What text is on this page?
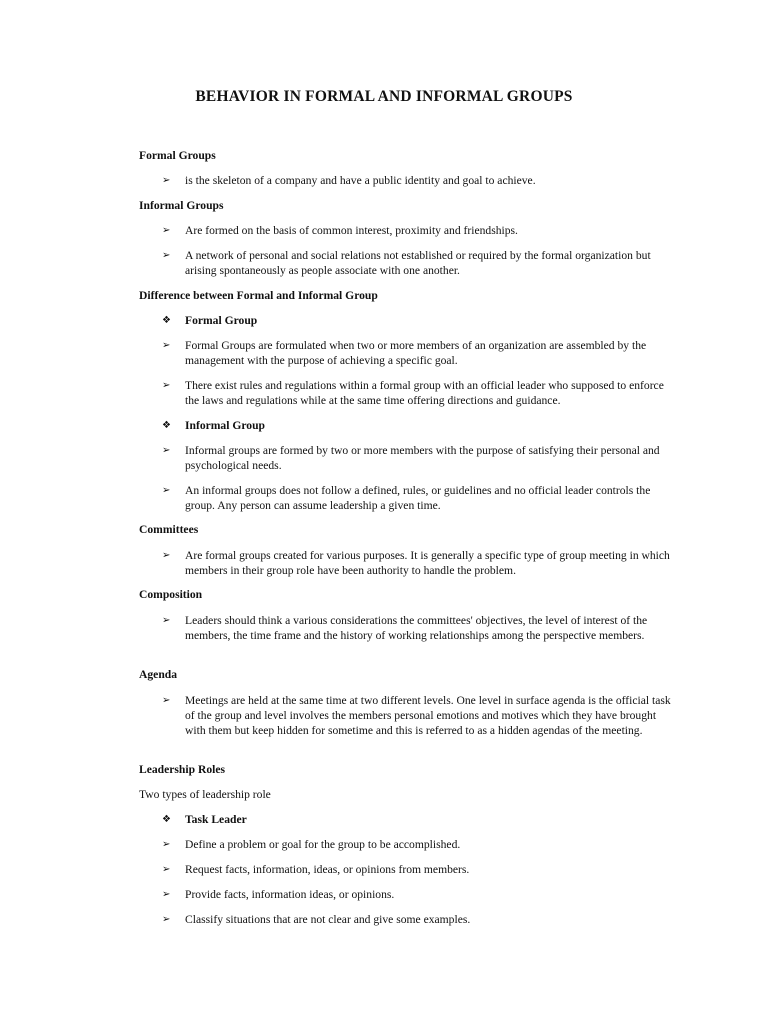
BEHAVIOR IN FORMAL AND INFORMAL GROUPS
Formal Groups
➢	is the skeleton of a company and have a public identity and goal to achieve.
Informal Groups
➢	Are formed on the basis of common interest, proximity and friendships.
➢	A network of personal and social relations not established or required by the formal organization but arising spontaneously as people associate with one another.
Difference between Formal and Informal Group
❖	Formal Group
➢	Formal Groups are formulated when two or more members of an organization are assembled by the management with the purpose of achieving a specific goal.
➢	There exist rules and regulations within a formal group with an official leader who supposed to enforce the laws and regulations while at the same time offering directions and guidance.
❖	Informal Group
➢	Informal groups are formed by two or more members with the purpose of satisfying their personal and psychological needs.
➢	An informal groups does not follow a defined, rules, or guidelines and no official leader controls the group. Any person can assume leadership a given time.
Committees
➢	Are formal groups created for various purposes. It is generally a specific type of group meeting in which members in their group role have been authority to handle the problem.
Composition
➢	Leaders should think a various considerations the committees' objectives, the level of interest of the members, the time frame and the history of working relationships among the perspective members.
Agenda
➢	Meetings are held at the same time at two different levels. One level in surface agenda is the official task of the group and level involves the members personal emotions and motives which they have brought with them but keep hidden for sometime and this is referred to as a hidden agendas of the meeting.
Leadership Roles
Two types of leadership role
❖	Task Leader
➢	Define a problem or goal for the group to be accomplished.
➢	Request facts, information, ideas, or opinions from members.
➢	Provide facts, information ideas, or opinions.
➢	Classify situations that are not clear and give some examples.
